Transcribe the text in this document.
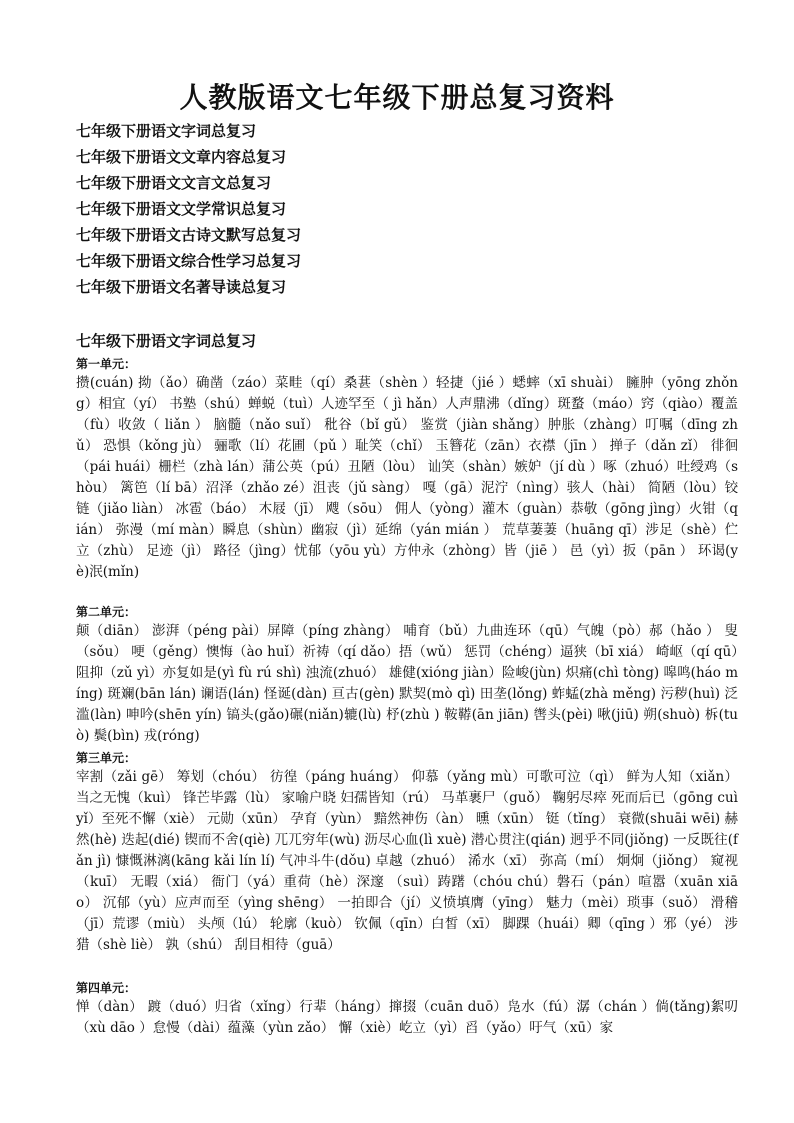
人教版语文七年级下册总复习资料
七年级下册语文字词总复习
七年级下册语文文章内容总复习
七年级下册语文文言文总复习
七年级下册语文文学常识总复习
七年级下册语文古诗文默写总复习
七年级下册语文综合性学习总复习
七年级下册语文名著导读总复习
七年级下册语文字词总复习
第一单元：
攒(cuán) 拗（ǎo）确凿（záo）菜畦（qí）桑葚（shèn ）轻捷（jié ）蟋蟀（xī shuài） 臃肿（yōng zhǒng）相宜（yí） 书塾（shú）蝉蜕（tuì）人迹罕至（ jì hǎn）人声鼎沸（dǐng）斑蝥（máo）窍（qiào）覆盖 （fù）收敛（ liǎn ） 脑髓（nǎo suǐ） 秕谷（bǐ gǔ） 鉴赏（jiàn shǎng）肿胀（zhàng）叮嘱（dīng zhǔ） 恐惧（kǒng jù） 骊歌（lí）花圃（pǔ ）耻笑（chǐ） 玉簪花（zān）衣襟（jīn ） 掸子（dǎn zǐ） 徘徊（pái huái）栅栏（zhà lán）蒲公英（pú）丑陋（lòu） 讪笑（shàn）嫉妒（jí dù ）啄（zhuó）吐绶鸡（shòu） 篱笆（lí bā）沼泽（zhǎo zé）沮丧（jǔ sàng） 嘎（gā）泥泞（nìng）骇人（hài） 简陋（lòu）铰链（jiǎo liàn） 冰雹（báo） 木屐（jī） 飕（sōu） 佣人（yòng）灌木（guàn）恭敬（gōng jìng）火钳（qián） 弥漫（mí màn）瞬息（shùn）幽寂（jì）延绵（yán mián ） 荒草萋萋（huāng qī）涉足（shè）伫立（zhù） 足迹（jì） 路径（jìng）忧郁（yōu yù）方仲永（zhòng）皆（jiē ） 邑（yì）扳（pān ） 环谒(yè)泯(mǐn)
第二单元：
颠（diān） 澎湃（péng pài）屏障（píng zhàng） 哺育（bǔ）九曲连环（qū）气魄（pò）郝（hǎo ） 叟（sǒu） 哽（gěng）懊悔（ào huǐ）祈祷（qí dǎo）捂（wǔ） 惩罚（chéng）逼狭（bī xiá） 崎岖（qí qū）阻抑（zǔ yì）亦复如是(yì fù rú shì) 浊流(zhuó） 雄健(xióng jiàn）险峻(jùn) 炽痛(chì tòng) 嗥鸣(háo míng) 斑斓(bān lán) 谰语(lán) 怪诞(dàn) 亘古(gèn) 默契(mò qì) 田垄(lǒng) 蚱蜢(zhà měng) 污秽(huì) 泛滥(làn) 呻吟(shēn yín) 镐头(gǎo)碾(niǎn)辘(lù) 杼(zhù ) 鞍鞯(ān jiān) 辔头(pèi) 啾(jiū) 朔(shuò) 柝(tuò) 鬓(bìn) 戎(róng)
第三单元：
宰割（zǎi gē） 筹划（chóu） 彷徨（páng huáng） 仰慕（yǎng mù）可歌可泣（qì） 鲜为人知（xiǎn）当之无愧（kuì） 锋芒毕露（lù） 家喻户晓 妇孺皆知（rú） 马革裹尸（guǒ） 鞠躬尽瘁 死而后已（gōng cuì yǐ）至死不懈（xiè） 元勋（xūn） 孕育（yùn） 黯然神伤（àn） 曛（xūn） 铤（tǐng） 衰微(shuāi wēi) 赫然(hè) 迭起(dié) 锲而不舍(qiè) 兀兀穷年(wù) 沥尽心血(lì xuè) 潜心贯注(qián) 迥乎不同(jiǒng) 一反既往(fǎn jì) 慷慨淋漓(kāng kǎi lín lí) 气冲斗牛(dǒu) 卓越（zhuó） 浠水（xī） 弥高（mí） 炯炯（jiǒng） 窥视（kuī） 无暇（xiá） 衙门（yá）重荷（hè）深邃 （suì）踌躇（chóu chú）磐石（pán）喧嚣（xuān xiāo） 沉郁（yù）应声而至（yìng shēng） 一拍即合（jí）义愤填膺（yīng） 魅力（mèi）琐事（suǒ） 滑稽（jī）荒谬（miù） 头颅（lú） 轮廓（kuò） 钦佩（qīn）白皙（xī） 脚踝（huái）卿（qīng ）邪（yé） 涉猎（shè liè） 孰（shú） 刮目相待（guā）
第四单元：
惮（dàn） 踱（duó）归省（xǐng）行辈（háng）撺掇（cuān duō）凫水（fú）潺（chán ）倘(tǎng)絮叨（xù dāo ）怠慢（dài）蕴藻（yùn zǎo） 懈（xiè）屹立（yì）舀（yǎo）吁气（xū）家
